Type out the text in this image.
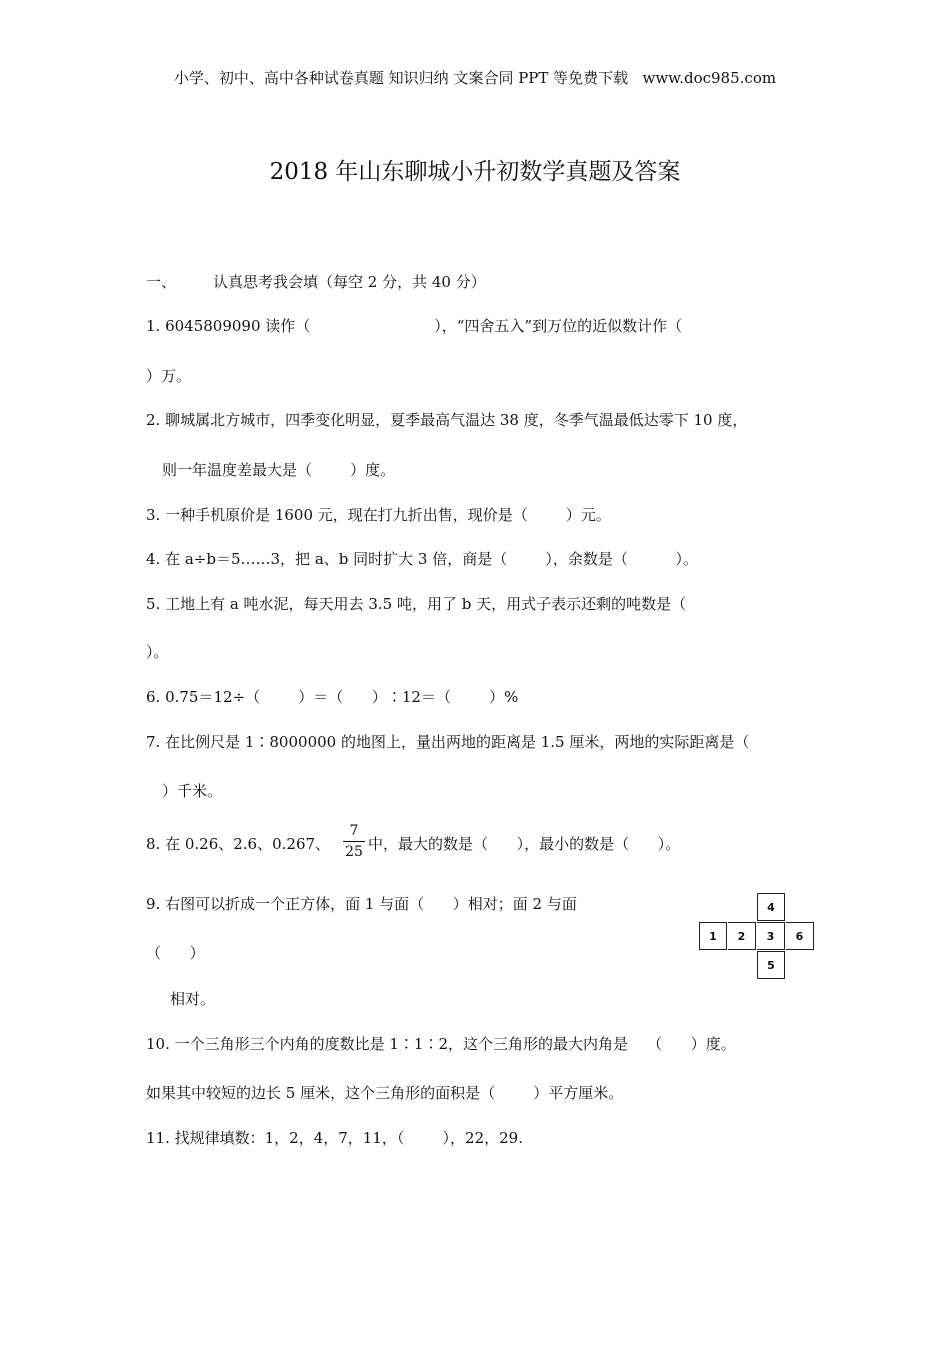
小学、初中、高中各种试卷真题 知识归纳 文案合同 PPT 等免费下载   www.doc985.com
2018 年山东聊城小升初数学真题及答案
一、 认真思考我会填（每空 2 分，共 40 分）
1. 6045809090 读作（                          ），“四舍五入”到万位的近似数计作（
）万。
2. 聊城属北方城市，四季变化明显，夏季最高气温达 38 度，冬季气温最低达零下 10 度，
则一年温度差最大是（        ）度。
3. 一种手机原价是 1600 元，现在打九折出售，现价是（        ）元。
4. 在 a÷b＝5……3，把 a、b 同时扩大 3 倍，商是（        ），余数是（          ）。
5. 工地上有 a 吨水泥，每天用去 3.5 吨，用了 b 天，用式子表示还剩的吨数是（
）。
6. 0.75＝12÷（        ）＝（      ）∶12＝（        ）%
7. 在比例尺是 1∶8000000 的地图上，量出两地的距离是 1.5 厘米，两地的实际距离是（
）千米。
8. 在 0.26、2.6、0.267、
7
25 中，最大的数是（      ），最小的数是（      ）。
9. 右图可以折成一个正方体，面 1 与面（      ）相对；面 2 与面
（      ）
相对。
4
1	2	3	6
5
10. 一个三角形三个内角的度数比是 1∶1∶2，这个三角形的最大内角是    （      ）度。
如果其中较短的边长 5 厘米，这个三角形的面积是（        ）平方厘米。
11. 找规律填数：1，2，4，7，11，（        ），22，29.
